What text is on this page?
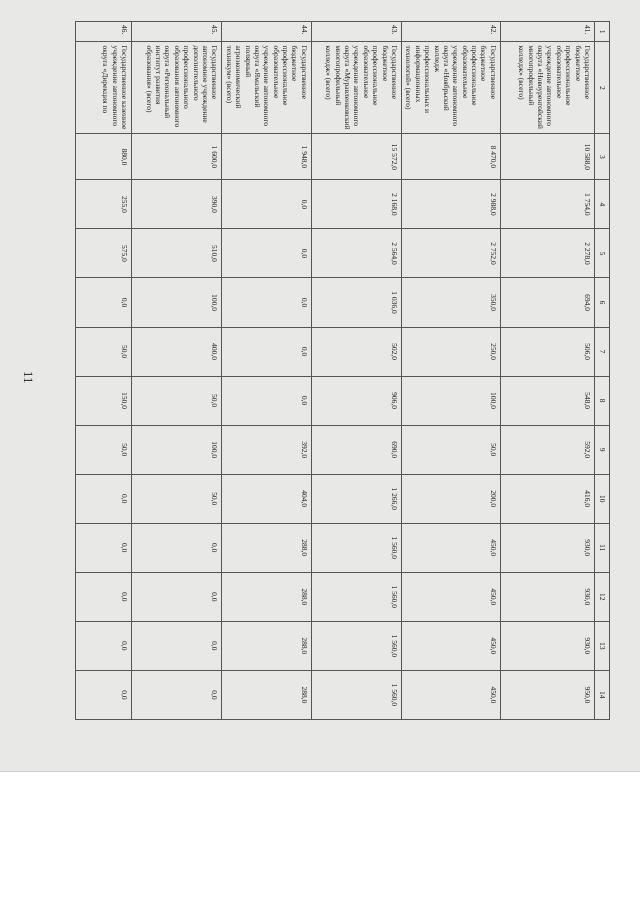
11
1	2	3	4	5	6	7	8	9	10	11	12	13	14
41.	Государственное бюджетное профессиональное образовательное учреждение автономного округа «Новоуренгойский многопрофильный колледж» (всего)	10 588,0	1 754,0	2 278,0	694,0	506,0	548,0	592,0	416,0	930,0	930,0	930,0	950,0
42.	Государственное бюджетное профессиональное образовательное учреждение автономного округа «Ноябрьский колледж профессиональных и информационных технологий» (всего)	8 470,0	2 988,0	2 752,0	350,0	250,0	100,0	50,0	200,0	450,0	450,0	450,0	450,0
43.	Государственное бюджетное профессиональное образовательное учреждение автономного округа «Муравленковский многопрофильный колледж» (всего)	15 572,0	2 168,0	2 564,0	1 036,0	502,0	906,0	690,0	1 266,0	1 560,0	1 560,0	1 560,0	1 560,0
44.	Государственное бюджетное профессиональное образовательное учреждение автономного округа «Ямальский полярный агроэкономический техникум» (всего)	1 948,0	0,0	0,0	0,0	0,0	0,0	392,0	404,0	288,0	288,0	288,0	288,0
45.	Государственное автономное учреждение дополнительного профессионального образования автономного округа «Региональный институт развития образования» (всего)	1 600,0	390,0	510,0	100,0	400,0	50,0	100,0	50,0	0,0	0,0	0,0	0,0
46.	Государственное казенное учреждение автономного округа «Дирекция по	880,0	255,0	575,0	0,0	50,0	150,0	50,0	0,0	0,0	0,0	0,0	0,0
